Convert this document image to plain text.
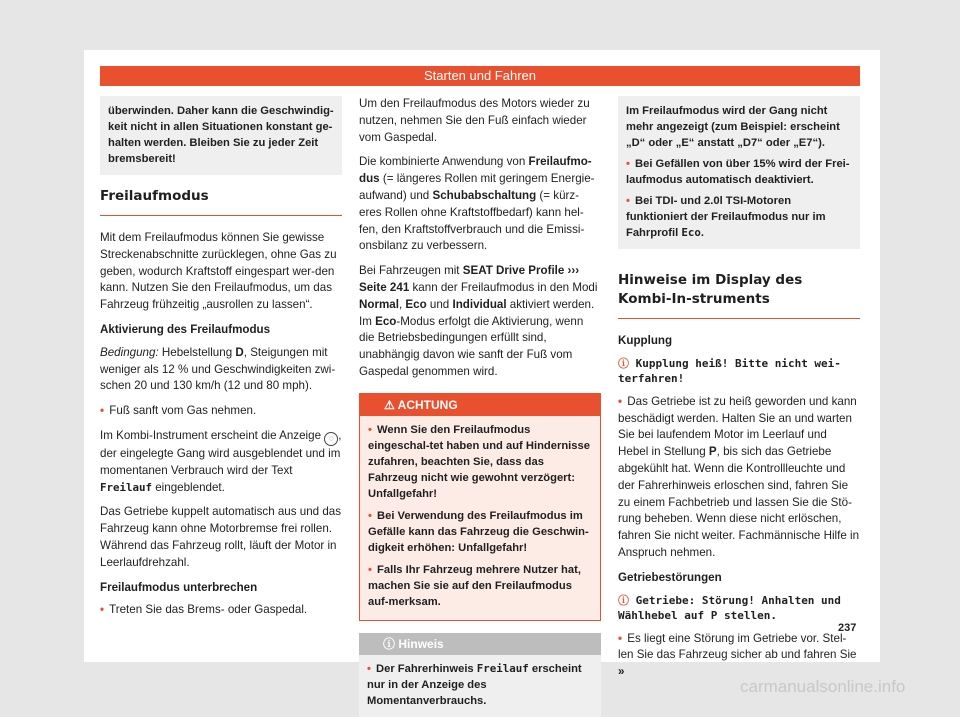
Starten und Fahren
überwinden. Daher kann die Geschwindig-keit nicht in allen Situationen konstant ge-halten werden. Bleiben Sie zu jeder Zeit bremsbereit!
Freilaufmodus

Mit dem Freilaufmodus können Sie gewisse Streckenabschnitte zurücklegen, ohne Gas zu geben, wodurch Kraftstoff eingespart wer-den kann. Nutzen Sie den Freilaufmodus, um das Fahrzeug frühzeitig „ausrollen zu lassen“.

Aktivierung des Freilaufmodus

Bedingung: Hebelstellung D, Steigungen mit weniger als 12 % und Geschwindigkeiten zwi-schen 20 und 130 km/h (12 und 80 mph).

• Fuß sanft vom Gas nehmen.

Im Kombi-Instrument erscheint die Anzeige ◌ , der eingelegte Gang wird ausgeblendet und im momentanen Verbrauch wird der Text Freilauf eingeblendet.

Das Getriebe kuppelt automatisch aus und das Fahrzeug kann ohne Motorbremse frei rollen. Während das Fahrzeug rollt, läuft der Motor in Leerlaufdrehzahl.

Freilaufmodus unterbrechen

• Treten Sie das Brems- oder Gaspedal.

Um den Freilaufmodus des Motors wieder zu nutzen, nehmen Sie den Fuß einfach wieder vom Gaspedal.

Die kombinierte Anwendung von Freilaufmo-dus (= längeres Rollen mit geringem Energie-aufwand) und Schubabschaltung (= kürz-eres Rollen ohne Kraftstoffbedarf) kann hel-fen, den Kraftstoffverbrauch und die Emissi-onsbilanz zu verbessern.

Bei Fahrzeugen mit SEAT Drive Profile ››› Seite 241 kann der Freilaufmodus in den Modi Normal, Eco und Individual aktiviert werden. Im Eco-Modus erfolgt die Aktivierung, wenn die Betriebsbedingungen erfüllt sind, unabhängig davon wie sanft der Fuß vom Gaspedal genommen wird.

⚠ ACHTUNG

• Wenn Sie den Freilaufmodus eingeschal-tet haben und auf Hindernisse zufahren, beachten Sie, dass das Fahrzeug nicht wie gewohnt verzögert: Unfallgefahr!

• Bei Verwendung des Freilaufmodus im Gefälle kann das Fahrzeug die Geschwin-digkeit erhöhen: Unfallgefahr!

• Falls Ihr Fahrzeug mehrere Nutzer hat, machen Sie sie auf den Freilaufmodus auf-merksam.

ⓘ Hinweis
• Der Fahrerhinweis Freilauf erscheint nur in der Anzeige des Momentanverbrauchs.
Im Freilaufmodus wird der Gang nicht mehr angezeigt (zum Beispiel: erscheint „D“ oder „E“ anstatt „D7“ oder „E7“).
• Bei Gefällen von über 15% wird der Frei-laufmodus automatisch deaktiviert.
• Bei TDI- und 2.0l TSI-Motoren funktioniert der Freilaufmodus nur im Fahrprofil Eco.
Hinweise im Display des Kombi-In-struments
Kupplung

ⓘ Kupplung heiß! Bitte nicht wei-terfahren!

• Das Getriebe ist zu heiß geworden und kann beschädigt werden. Halten Sie an und warten Sie bei laufendem Motor im Leerlauf und Hebel in Stellung P, bis sich das Getriebe abgekühlt hat. Wenn die Kontrollleuchte und der Fahrerhinweis erloschen sind, fahren Sie zu einem Fachbetrieb und lassen Sie die Stö-rung beheben. Wenn diese nicht erlöschen, fahren Sie nicht weiter. Fachmännische Hilfe in Anspruch nehmen.

Getriebestörungen

ⓘ Getriebe: Störung! Anhalten und Wählhebel auf P stellen.

• Es liegt eine Störung im Getriebe vor. Stel-len Sie das Fahrzeug sicher ab und fahren Sie »

237
carmanualsonline.info
